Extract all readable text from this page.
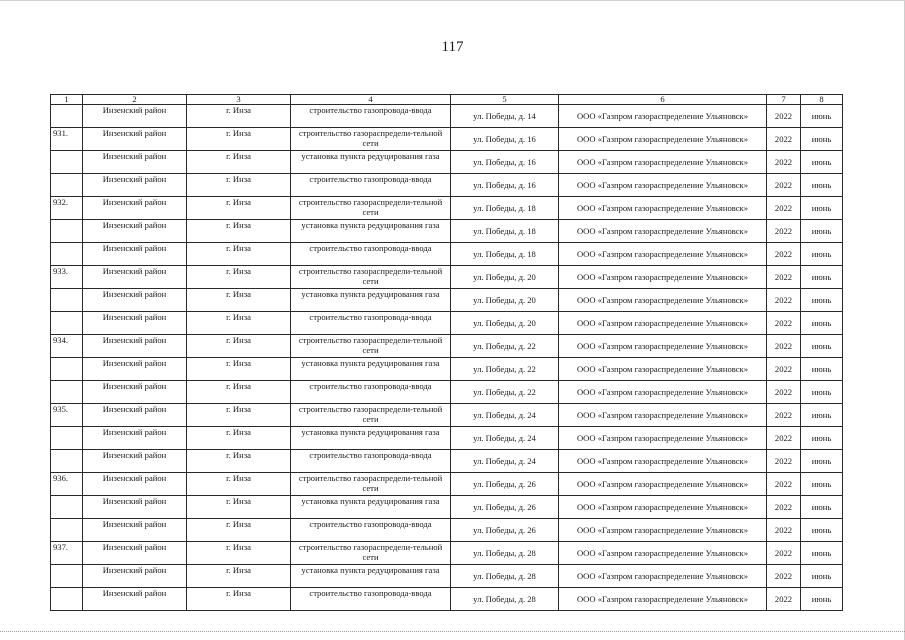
117
1	2	3	4	5	6	7	8
	Инзенский район	г. Инза	строительство газопровода-ввода	ул. Победы, д. 14	ООО «Газпром газораспределение Ульяновск»	2022	июнь
931.	Инзенский район	г. Инза	строительство газораспредели-тельной сети	ул. Победы, д. 16	ООО «Газпром газораспределение Ульяновск»	2022	июнь
	Инзенский район	г. Инза	установка пункта редуцирования газа	ул. Победы, д. 16	ООО «Газпром газораспределение Ульяновск»	2022	июнь
	Инзенский район	г. Инза	строительство газопровода-ввода	ул. Победы, д. 16	ООО «Газпром газораспределение Ульяновск»	2022	июнь
932.	Инзенский район	г. Инза	строительство газораспредели-тельной сети	ул. Победы, д. 18	ООО «Газпром газораспределение Ульяновск»	2022	июнь
	Инзенский район	г. Инза	установка пункта редуцирования газа	ул. Победы, д. 18	ООО «Газпром газораспределение Ульяновск»	2022	июнь
	Инзенский район	г. Инза	строительство газопровода-ввода	ул. Победы, д. 18	ООО «Газпром газораспределение Ульяновск»	2022	июнь
933.	Инзенский район	г. Инза	строительство газораспредели-тельной сети	ул. Победы, д. 20	ООО «Газпром газораспределение Ульяновск»	2022	июнь
	Инзенский район	г. Инза	установка пункта редуцирования газа	ул. Победы, д. 20	ООО «Газпром газораспределение Ульяновск»	2022	июнь
	Инзенский район	г. Инза	строительство газопровода-ввода	ул. Победы, д. 20	ООО «Газпром газораспределение Ульяновск»	2022	июнь
934.	Инзенский район	г. Инза	строительство газораспредели-тельной сети	ул. Победы, д. 22	ООО «Газпром газораспределение Ульяновск»	2022	июнь
	Инзенский район	г. Инза	установка пункта редуцирования газа	ул. Победы, д. 22	ООО «Газпром газораспределение Ульяновск»	2022	июнь
	Инзенский район	г. Инза	строительство газопровода-ввода	ул. Победы, д. 22	ООО «Газпром газораспределение Ульяновск»	2022	июнь
935.	Инзенский район	г. Инза	строительство газораспредели-тельной сети	ул. Победы, д. 24	ООО «Газпром газораспределение Ульяновск»	2022	июнь
	Инзенский район	г. Инза	установка пункта редуцирования газа	ул. Победы, д. 24	ООО «Газпром газораспределение Ульяновск»	2022	июнь
	Инзенский район	г. Инза	строительство газопровода-ввода	ул. Победы, д. 24	ООО «Газпром газораспределение Ульяновск»	2022	июнь
936.	Инзенский район	г. Инза	строительство газораспредели-тельной сети	ул. Победы, д. 26	ООО «Газпром газораспределение Ульяновск»	2022	июнь
	Инзенский район	г. Инза	установка пункта редуцирования газа	ул. Победы, д. 26	ООО «Газпром газораспределение Ульяновск»	2022	июнь
	Инзенский район	г. Инза	строительство газопровода-ввода	ул. Победы, д. 26	ООО «Газпром газораспределение Ульяновск»	2022	июнь
937.	Инзенский район	г. Инза	строительство газораспредели-тельной сети	ул. Победы, д. 28	ООО «Газпром газораспределение Ульяновск»	2022	июнь
	Инзенский район	г. Инза	установка пункта редуцирования газа	ул. Победы, д. 28	ООО «Газпром газораспределение Ульяновск»	2022	июнь
	Инзенский район	г. Инза	строительство газопровода-ввода	ул. Победы, д. 28	ООО «Газпром газораспределение Ульяновск»	2022	июнь
